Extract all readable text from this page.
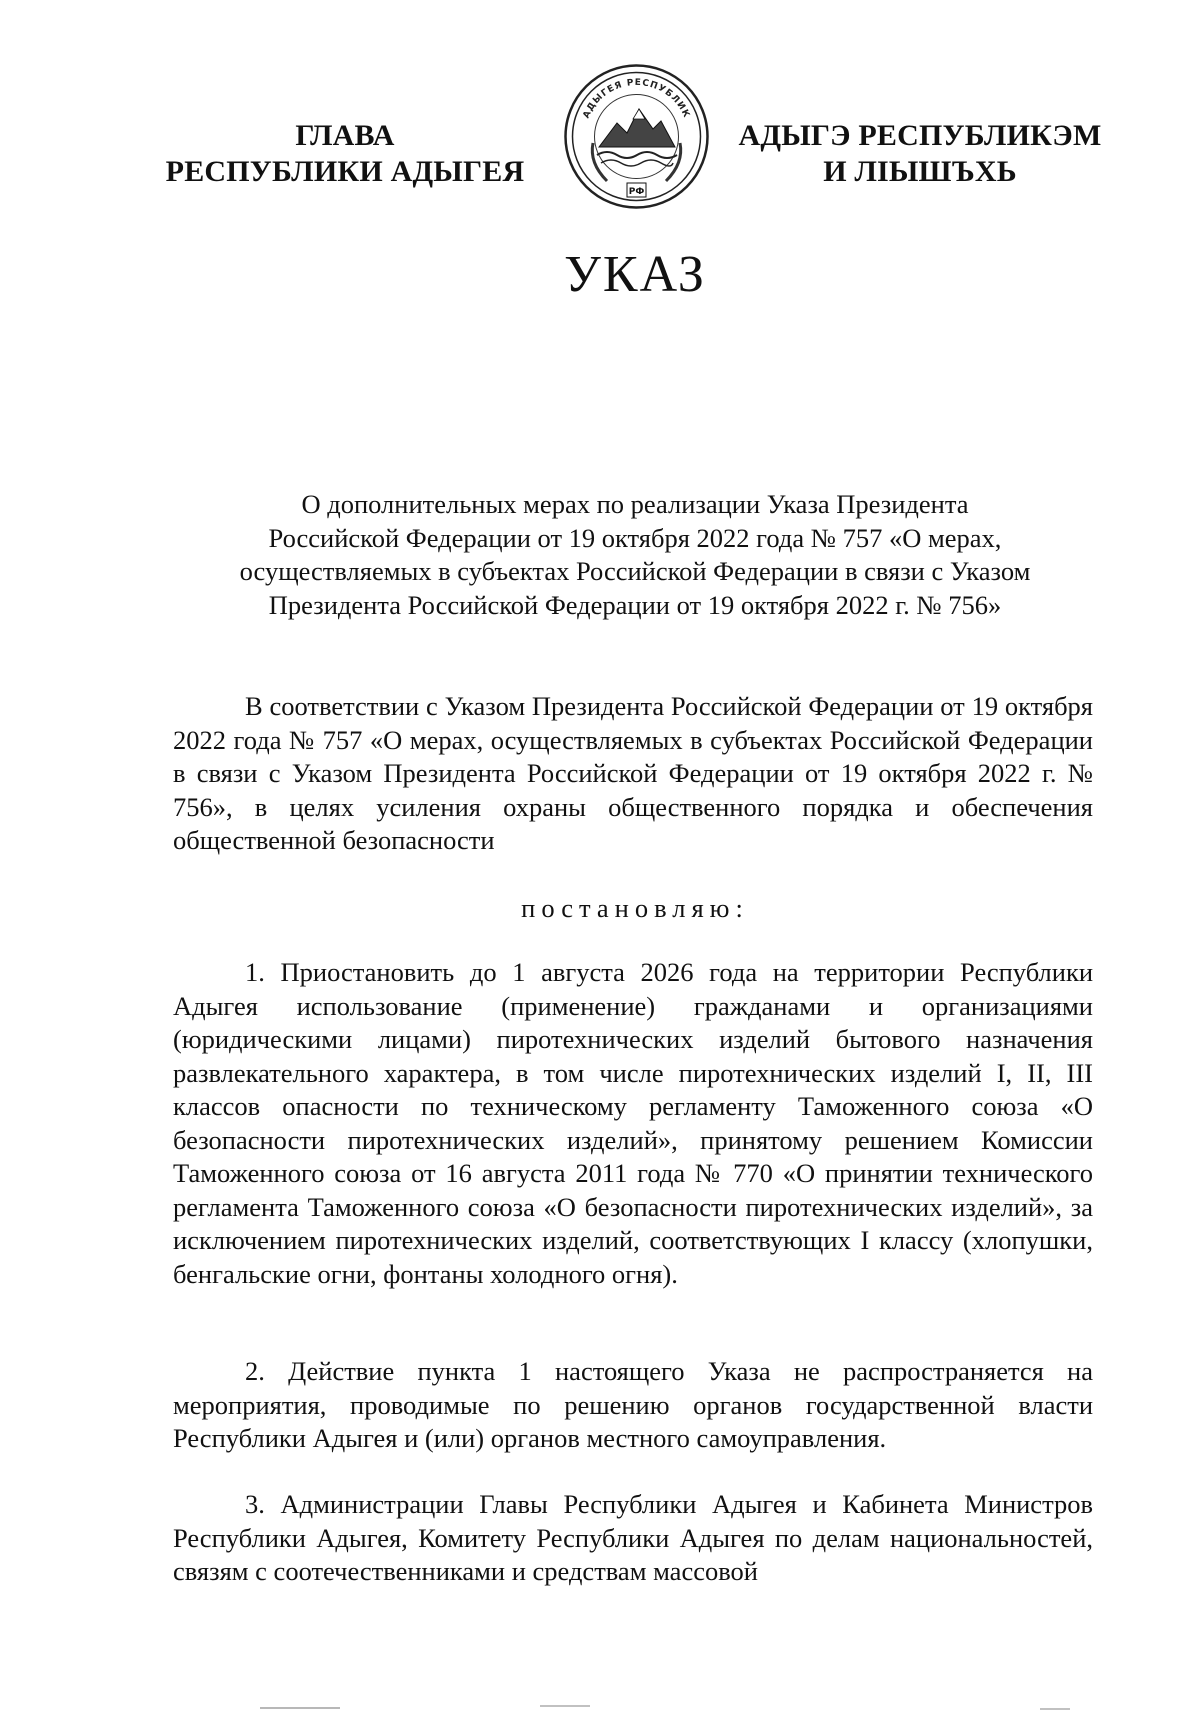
ГЛАВА
РЕСПУБЛИКИ АДЫГЕЯ
АДЫГЕЯ РЕСПУБЛИК
РФ
АДЫГЭ РЕСПУБЛИКЭМ
И ЛІЫШЪХЬ
УКАЗ
О дополнительных мерах по реализации Указа Президента
Российской Федерации от 19 октября 2022 года № 757 «О мерах,
осуществляемых в субъектах Российской Федерации в связи с Указом
Президента Российской Федерации от 19 октября 2022 г. № 756»
В соответствии с Указом Президента Российской Федерации от 19 октября 2022 года № 757 «О мерах, осуществляемых в субъектах Российской Федерации в связи с Указом Президента Российской Федерации от 19 октября 2022 г. № 756», в целях усиления охраны общественного порядка и обеспечения общественной безопасности
постановляю:
1. Приостановить до 1 августа 2026 года на территории Республики Адыгея использование (применение) гражданами и организациями (юридическими лицами) пиротехнических изделий бытового назначения развлекательного характера, в том числе пиротехнических изделий I, II, III классов опасности по техническому регламенту Таможенного союза «О безопасности пиротехнических изделий», принятому решением Комиссии Таможенного союза от 16 августа 2011 года № 770 «О принятии технического регламента Таможенного союза «О безопасности пиротехнических изделий», за исключением пиротехнических изделий, соответствующих I классу (хлопушки, бенгальские огни, фонтаны холодного огня).
2. Действие пункта 1 настоящего Указа не распространяется на мероприятия, проводимые по решению органов государственной власти Республики Адыгея и (или) органов местного самоуправления.
3. Администрации Главы Республики Адыгея и Кабинета Министров Республики Адыгея, Комитету Республики Адыгея по делам национальностей, связям с соотечественниками и средствам массовой
